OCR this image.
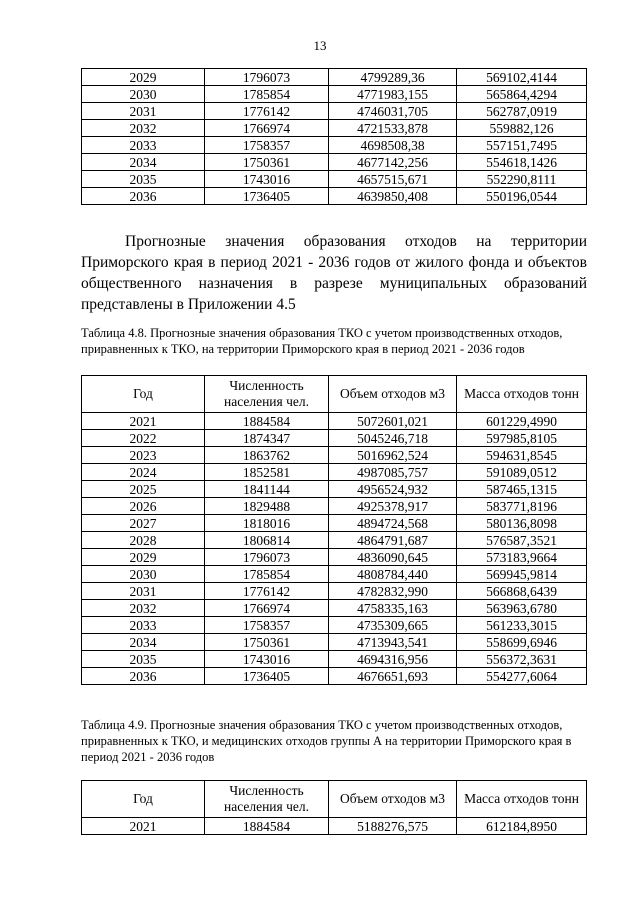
13
2029	1796073	4799289,36	569102,4144
2030	1785854	4771983,155	565864,4294
2031	1776142	4746031,705	562787,0919
2032	1766974	4721533,878	559882,126
2033	1758357	4698508,38	557151,7495
2034	1750361	4677142,256	554618,1426
2035	1743016	4657515,671	552290,8111
2036	1736405	4639850,408	550196,0544
Прогнозные значения образования отходов на территории Приморского края в период 2021 - 2036 годов от жилого фонда и объектов общественного назначения в разрезе муниципальных образований представлены в Приложении 4.5
Таблица 4.8. Прогнозные значения образования ТКО с учетом производственных отходов, приравненных к ТКО, на территории Приморского края в период 2021 - 2036 годов
Год	Численность населения чел.	Объем отходов м3	Масса отходов тонн
2021	1884584	5072601,021	601229,4990
2022	1874347	5045246,718	597985,8105
2023	1863762	5016962,524	594631,8545
2024	1852581	4987085,757	591089,0512
2025	1841144	4956524,932	587465,1315
2026	1829488	4925378,917	583771,8196
2027	1818016	4894724,568	580136,8098
2028	1806814	4864791,687	576587,3521
2029	1796073	4836090,645	573183,9664
2030	1785854	4808784,440	569945,9814
2031	1776142	4782832,990	566868,6439
2032	1766974	4758335,163	563963,6780
2033	1758357	4735309,665	561233,3015
2034	1750361	4713943,541	558699,6946
2035	1743016	4694316,956	556372,3631
2036	1736405	4676651,693	554277,6064
Таблица 4.9. Прогнозные значения образования ТКО с учетом производственных отходов, приравненных к ТКО, и медицинских отходов группы А на территории Приморского края в период 2021 - 2036 годов
Год	Численность населения чел.	Объем отходов м3	Масса отходов тонн
2021	1884584	5188276,575	612184,8950
